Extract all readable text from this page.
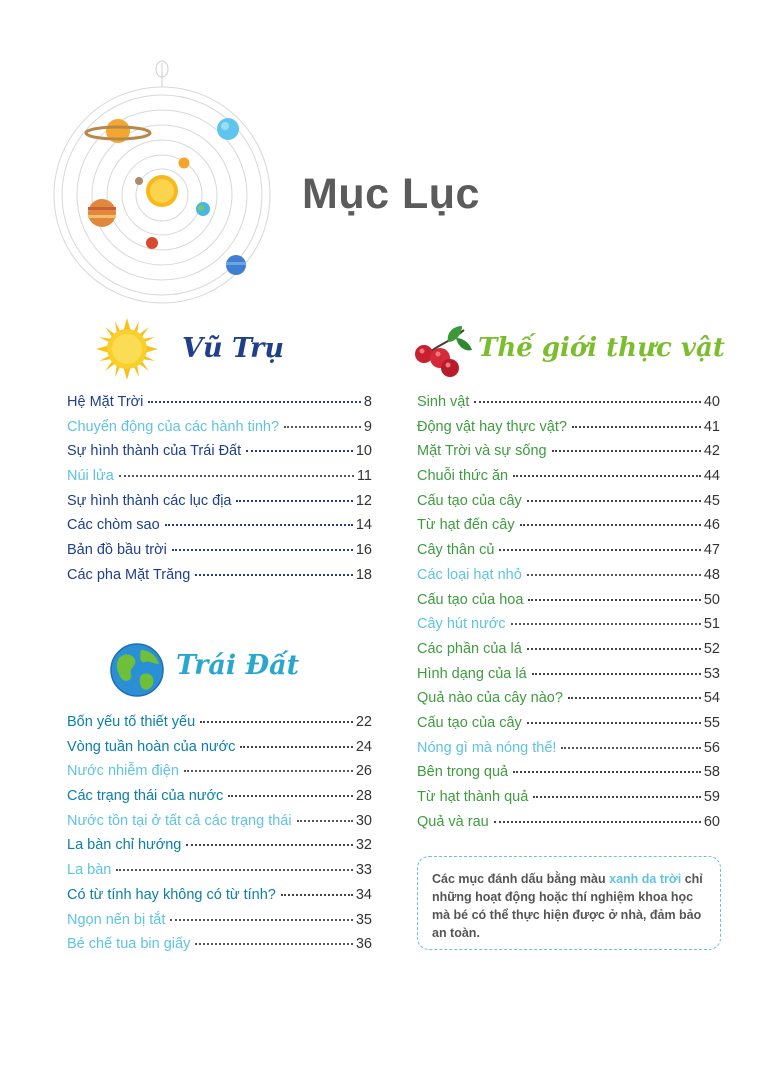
Mục Lục
Vũ Trụ
Hệ Mặt Trời	8
Chuyển động của các hành tinh?	9
Sự hình thành của Trái Đất	10
Núi lửa	11
Sự hình thành các lục địa	12
Các chòm sao	14
Bản đồ bầu trời	16
Các pha Mặt Trăng	18
Trái Đất
Bốn yếu tố thiết yếu	22
Vòng tuần hoàn của nước	24
Nước nhiễm điện	26
Các trạng thái của nước	28
Nước tồn tại ở tất cả các trạng thái	30
La bàn chỉ hướng	32
La bàn	33
Có từ tính hay không có từ tính?	34
Ngọn nến bị tắt	35
Bé chế tua bin giấy	36
Thế giới thực vật
Sinh vật	40
Động vật hay thực vật?	41
Mặt Trời và sự sống	42
Chuỗi thức ăn	44
Cấu tạo của cây	45
Từ hạt đến cây	46
Cây thân củ	47
Các loại hạt nhỏ	48
Cấu tạo của hoa	50
Cây hút nước	51
Các phần của lá	52
Hình dạng của lá	53
Quả nào của cây nào?	54
Cấu tạo của cây	55
Nóng gì mà nóng thế!	56
Bên trong quả	58
Từ hạt thành quả	59
Quả và rau	60
Các mục đánh dấu bằng màu xanh da trời chỉ những hoạt động hoặc thí nghiệm khoa học mà bé có thể thực hiện được ở nhà, đảm bảo an toàn.
